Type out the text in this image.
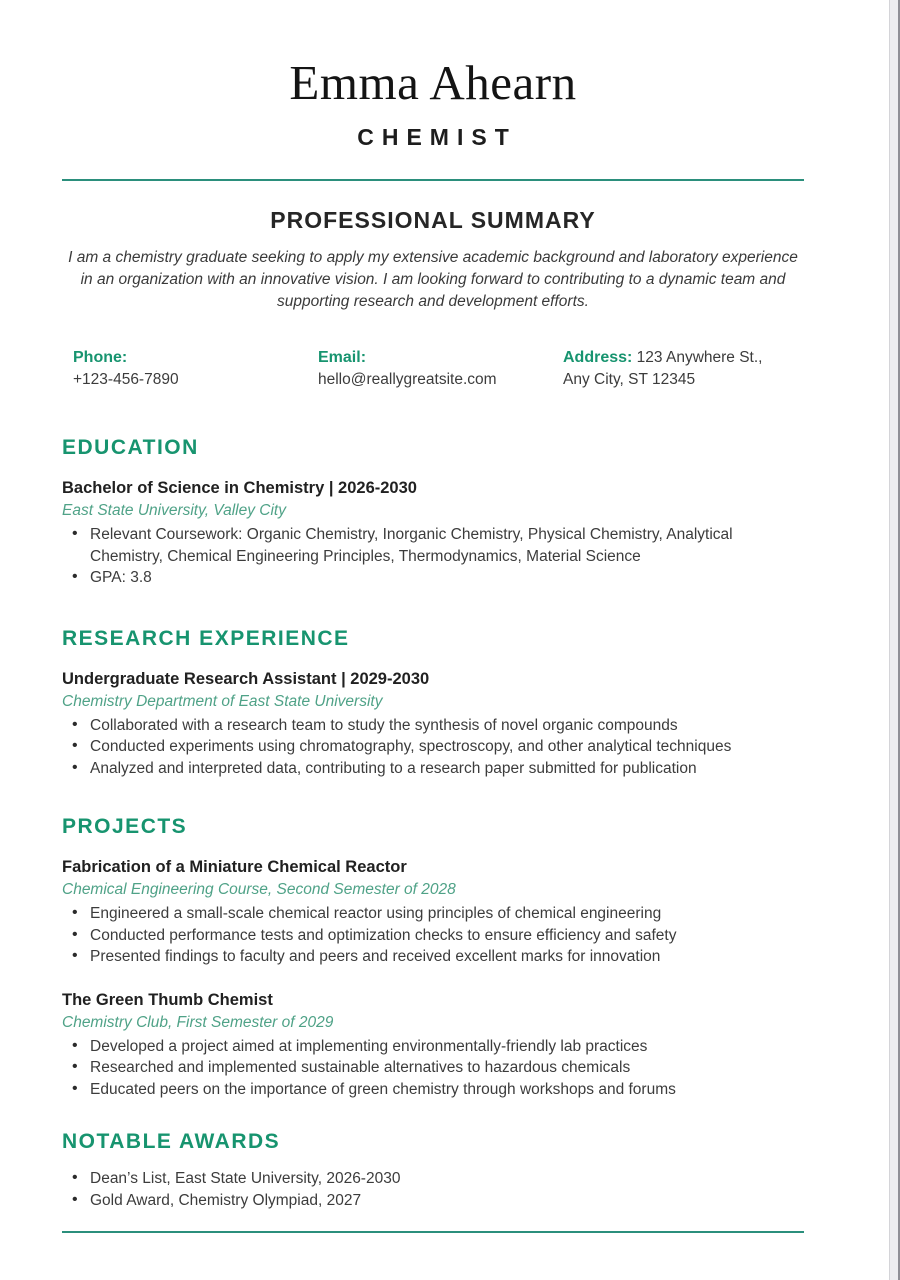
Emma Ahearn
CHEMIST
PROFESSIONAL SUMMARY

I am a chemistry graduate seeking to apply my extensive academic background and laboratory experience in an organization with an innovative vision. I am looking forward to contributing to a dynamic team and supporting research and development efforts.

Phone:
+123-456-7890
Email:
hello@reallygreatsite.com
Address: 123 Anywhere St., Any City, ST 12345
EDUCATION
Bachelor of Science in Chemistry | 2026-2030
East State University, Valley City
• Relevant Coursework: Organic Chemistry, Inorganic Chemistry, Physical Chemistry, Analytical Chemistry, Chemical Engineering Principles, Thermodynamics, Material Science
• GPA: 3.8
RESEARCH EXPERIENCE
Undergraduate Research Assistant | 2029-2030
Chemistry Department of East State University
• Collaborated with a research team to study the synthesis of novel organic compounds
• Conducted experiments using chromatography, spectroscopy, and other analytical techniques
• Analyzed and interpreted data, contributing to a research paper submitted for publication
PROJECTS
Fabrication of a Miniature Chemical Reactor
Chemical Engineering Course, Second Semester of 2028
• Engineered a small-scale chemical reactor using principles of chemical engineering
• Conducted performance tests and optimization checks to ensure efficiency and safety
• Presented findings to faculty and peers and received excellent marks for innovation
The Green Thumb Chemist
Chemistry Club, First Semester of 2029
• Developed a project aimed at implementing environmentally-friendly lab practices
• Researched and implemented sustainable alternatives to hazardous chemicals
• Educated peers on the importance of green chemistry through workshops and forums
NOTABLE AWARDS
• Dean’s List, East State University, 2026-2030
• Gold Award, Chemistry Olympiad, 2027
